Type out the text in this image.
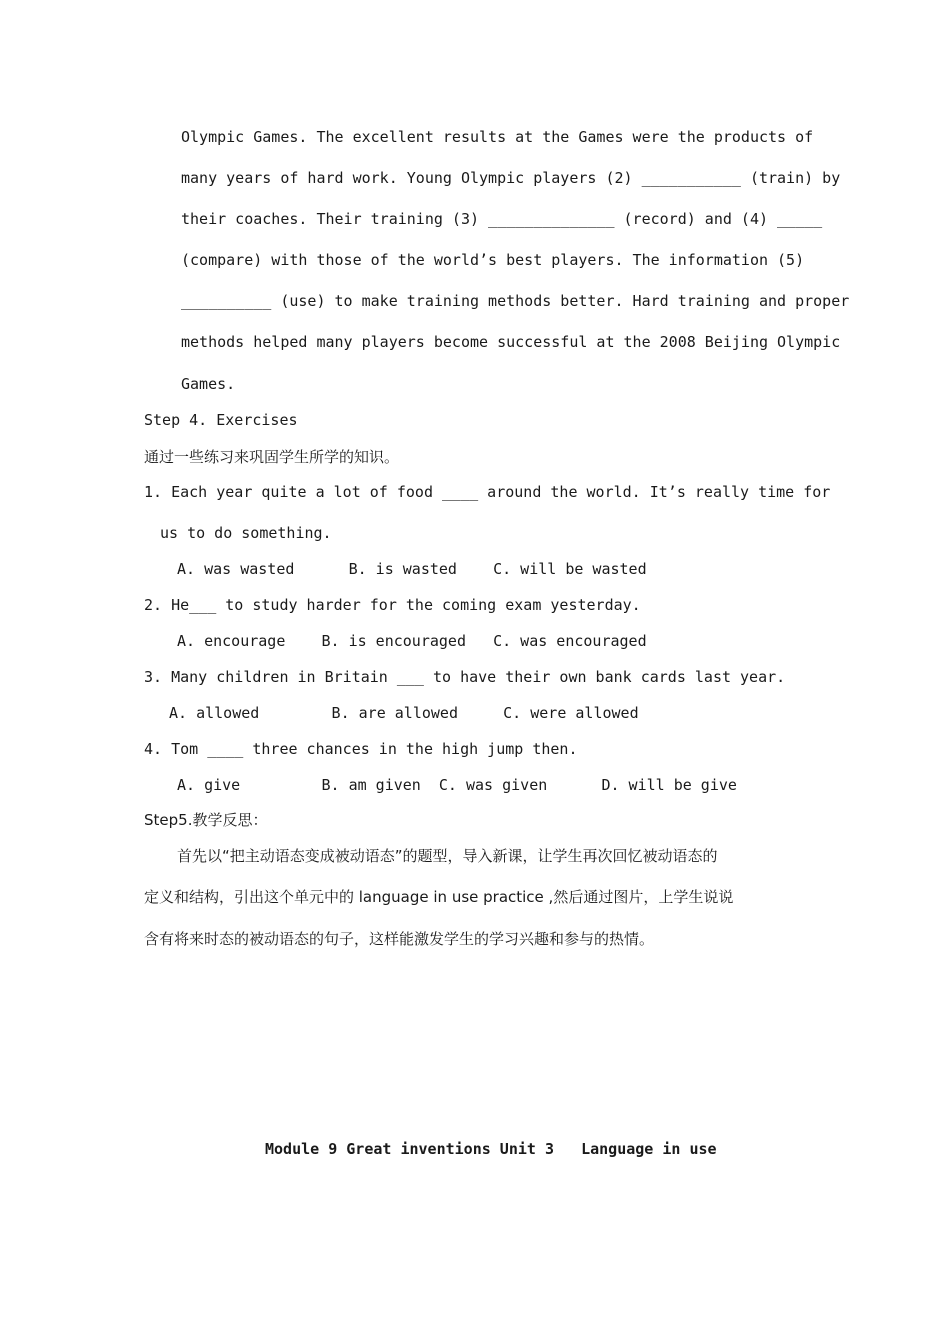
Olympic Games. The excellent results at the Games were the products of
many years of hard work. Young Olympic players (2) ___________ (train) by
their coaches. Their training (3) ______________ (record) and (4) _____
(compare) with those of the world’s best players. The information (5)
__________ (use) to make training methods better. Hard training and proper
methods helped many players become successful at the 2008 Beijing Olympic
Games.
Step 4. Exercises
通过一些练习来巩固学生所学的知识。
1. Each year quite a lot of food ____ around the world. It’s really time for
us to do something.
A. was wasted      B. is wasted    C. will be wasted
2. He___ to study harder for the coming exam yesterday.
A. encourage    B. is encouraged   C. was encouraged
3. Many children in Britain ___ to have their own bank cards last year.
A. allowed        B. are allowed     C. were allowed
4. Tom ____ three chances in the high jump then.
A. give         B. am given  C. was given      D. will be give
Step5.教学反思：
首先以“把主动语态变成被动语态”的题型，导入新课，让学生再次回忆被动语态的
定义和结构，引出这个单元中的 language in use practice ,然后通过图片，上学生说说
含有将来时态的被动语态的句子，这样能激发学生的学习兴趣和参与的热情。
Module 9 Great inventions Unit 3   Language in use
